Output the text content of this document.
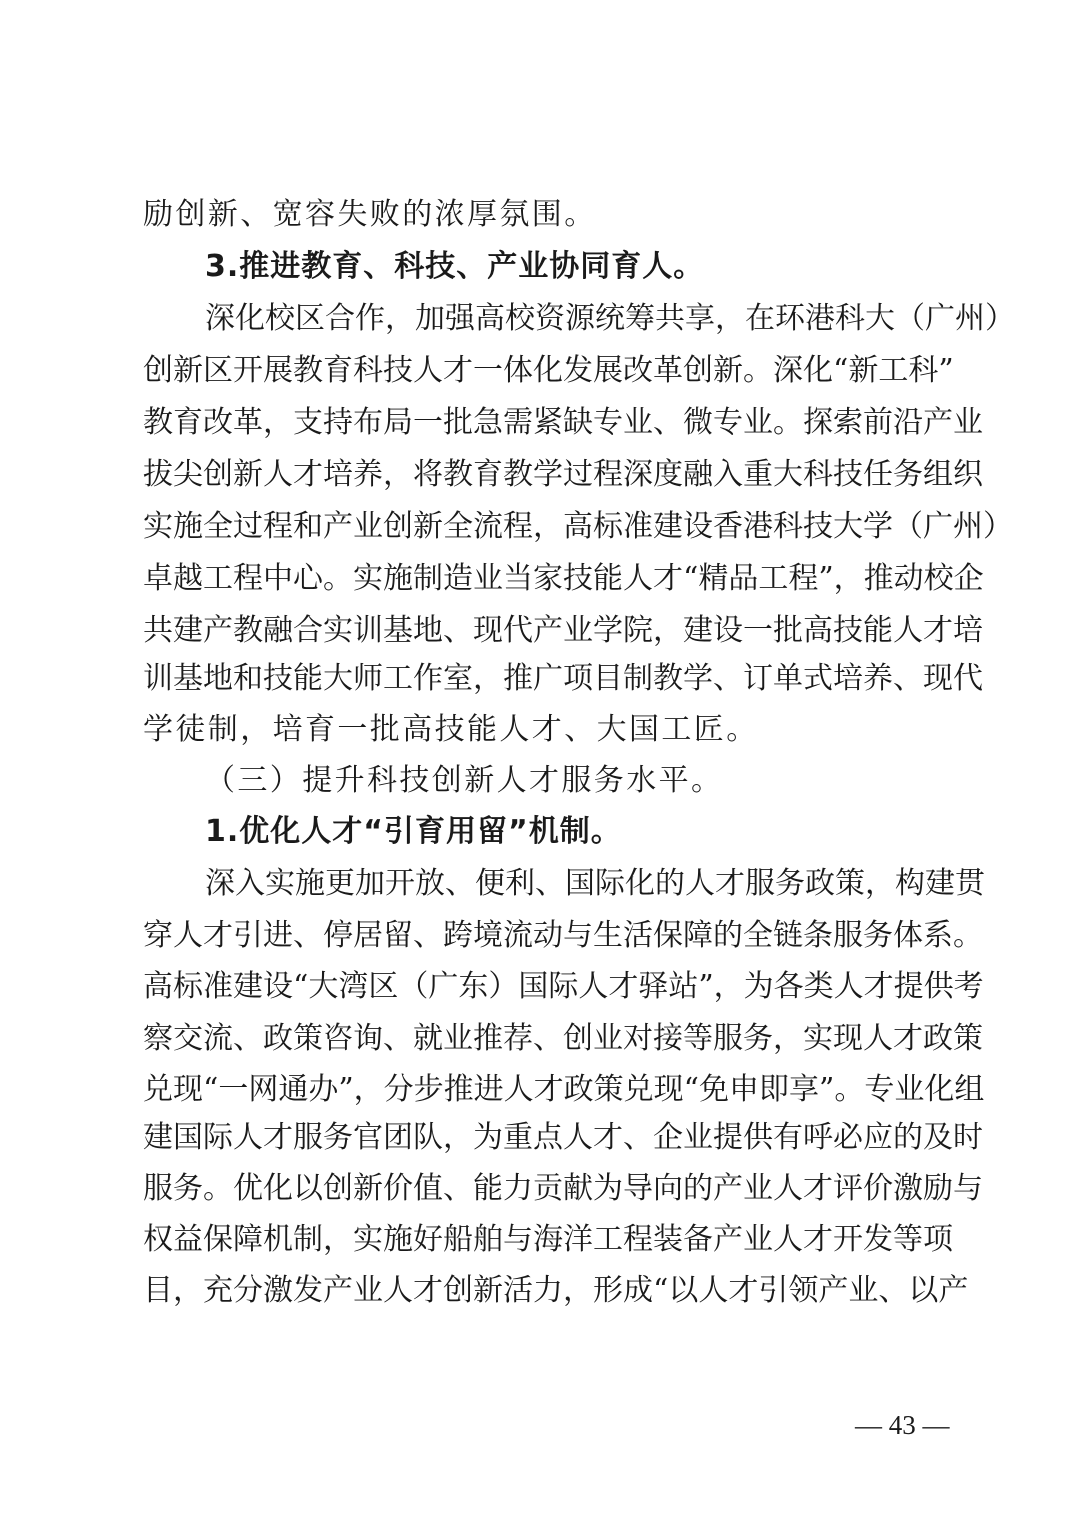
励创新、宽容失败的浓厚氛围。
3.推进教育、科技、产业协同育人。
深化校区合作，加强高校资源统筹共享，在环港科大（广州）
创新区开展教育科技人才一体化发展改革创新。深化“新工科”
教育改革，支持布局一批急需紧缺专业、微专业。探索前沿产业
拔尖创新人才培养，将教育教学过程深度融入重大科技任务组织
实施全过程和产业创新全流程，高标准建设香港科技大学（广州）
卓越工程中心。实施制造业当家技能人才“精品工程”，推动校企
共建产教融合实训基地、现代产业学院，建设一批高技能人才培
训基地和技能大师工作室，推广项目制教学、订单式培养、现代
学徒制，培育一批高技能人才、大国工匠。
（三）提升科技创新人才服务水平。
1.优化人才“引育用留”机制。
深入实施更加开放、便利、国际化的人才服务政策，构建贯
穿人才引进、停居留、跨境流动与生活保障的全链条服务体系。
高标准建设“大湾区（广东）国际人才驿站”，为各类人才提供考
察交流、政策咨询、就业推荐、创业对接等服务，实现人才政策
兑现“一网通办”，分步推进人才政策兑现“免申即享”。专业化组
建国际人才服务官团队，为重点人才、企业提供有呼必应的及时
服务。优化以创新价值、能力贡献为导向的产业人才评价激励与
权益保障机制，实施好船舶与海洋工程装备产业人才开发等项
目，充分激发产业人才创新活力，形成“以人才引领产业、以产
— 43 —
